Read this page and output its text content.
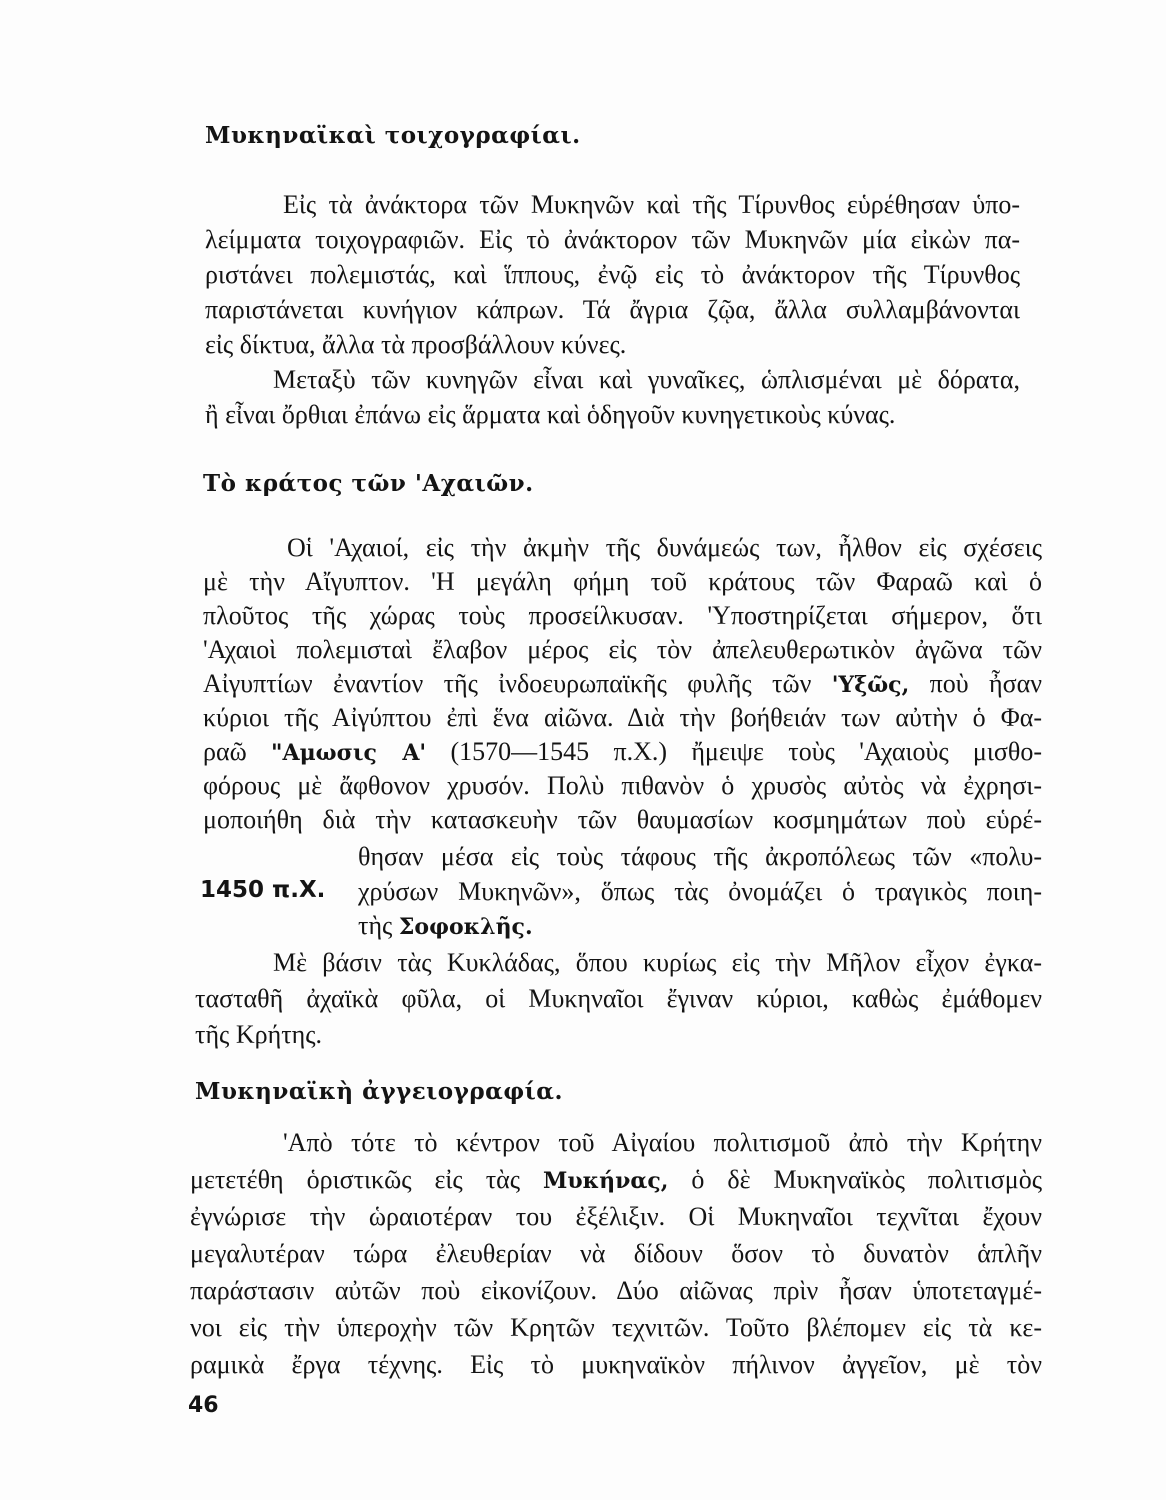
Μυκηναϊκαὶ τοιχογραφίαι.
Εἰς τὰ ἀνάκτορα τῶν Μυκηνῶν καὶ τῆς Τίρυνθος εὑρέθησαν ὑπο-
λείμματα τοιχογραφιῶν. Εἰς τὸ ἀνάκτορον τῶν Μυκηνῶν μία εἰκὼν πα-
ριστάνει πολεμιστάς, καὶ ἵππους, ἐνῷ εἰς τὸ ἀνάκτορον τῆς Τίρυνθος
παριστάνεται κυνήγιον κάπρων. Τά ἄγρια ζῷα, ἄλλα συλλαμβάνονται
εἰς δίκτυα, ἄλλα τὰ προσβάλλουν κύνες.
Μεταξὺ τῶν κυνηγῶν εἶναι καὶ γυναῖκες, ὡπλισμέναι μὲ δόρατα,
ἢ εἶναι ὄρθιαι ἐπάνω εἰς ἅρματα καὶ ὁδηγοῦν κυνηγετικοὺς κύνας.
Τὸ κράτος τῶν 'Αχαιῶν.
Οἱ 'Αχαιοί, εἰς τὴν ἀκμὴν τῆς δυνάμεώς των, ἦλθον εἰς σχέσεις
μὲ τὴν Αἴγυπτον. 'Η μεγάλη φήμη τοῦ κράτους τῶν Φαραῶ καὶ ὁ
πλοῦτος τῆς χώρας τοὺς προσείλκυσαν. 'Υποστηρίζεται σήμερον, ὅτι
'Αχαιοὶ πολεμισταὶ ἔλαβον μέρος εἰς τὸν ἀπελευθερωτικὸν ἀγῶνα τῶν
Αἰγυπτίων ἐναντίον τῆς ἰνδοευρωπαϊκῆς φυλῆς τῶν 'Υξῶς, ποὺ ἦσαν
κύριοι τῆς Αἰγύπτου ἐπὶ ἕνα αἰῶνα. Διὰ τὴν βοήθειάν των αὐτὴν ὁ Φα-
ραῶ "Αμωσις Α' (1570—1545 π.Χ.) ἤμειψε τοὺς 'Αχαιοὺς μισθο-
φόρους μὲ ἄφθονον χρυσόν. Πολὺ πιθανὸν ὁ χρυσὸς αὐτὸς νὰ ἐχρησι-
μοποιήθη διὰ τὴν κατασκευὴν τῶν θαυμασίων κοσμημάτων ποὺ εὑρέ-
θησαν μέσα εἰς τοὺς τάφους τῆς ἀκροπόλεως τῶν «πολυ-
1450 π.Χ. χρύσων Μυκηνῶν», ὅπως τὰς ὀνομάζει ὁ τραγικὸς ποιη-
τὴς Σοφοκλῆς.
Μὲ βάσιν τὰς Κυκλάδας, ὅπου κυρίως εἰς τὴν Μῆλον εἶχον ἐγκα-
τασταθῆ ἀχαϊκὰ φῦλα, οἱ Μυκηναῖοι ἔγιναν κύριοι, καθὼς ἐμάθομεν
τῆς Κρήτης.
Μυκηναϊκὴ ἀγγειογραφία.
'Απὸ τότε τὸ κέντρον τοῦ Αἰγαίου πολιτισμοῦ ἀπὸ τὴν Κρήτην
μετετέθη ὁριστικῶς εἰς τὰς Μυκήνας, ὁ δὲ Μυκηναϊκὸς πολιτισμὸς
ἐγνώρισε τὴν ὡραιοτέραν του ἐξέλιξιν. Οἱ Μυκηναῖοι τεχνῖται ἔχουν
μεγαλυτέραν τώρα ἐλευθερίαν νὰ δίδουν ὅσον τὸ δυνατὸν ἁπλῆν
παράστασιν αὐτῶν ποὺ εἰκονίζουν. Δύο αἰῶνας πρὶν ἦσαν ὑποτεταγμέ-
νοι εἰς τὴν ὑπεροχὴν τῶν Κρητῶν τεχνιτῶν. Τοῦτο βλέπομεν εἰς τὰ κε-
ραμικὰ ἔργα τέχνης. Εἰς τὸ μυκηναϊκὸν πήλινον ἀγγεῖον, μὲ τὸν
46
